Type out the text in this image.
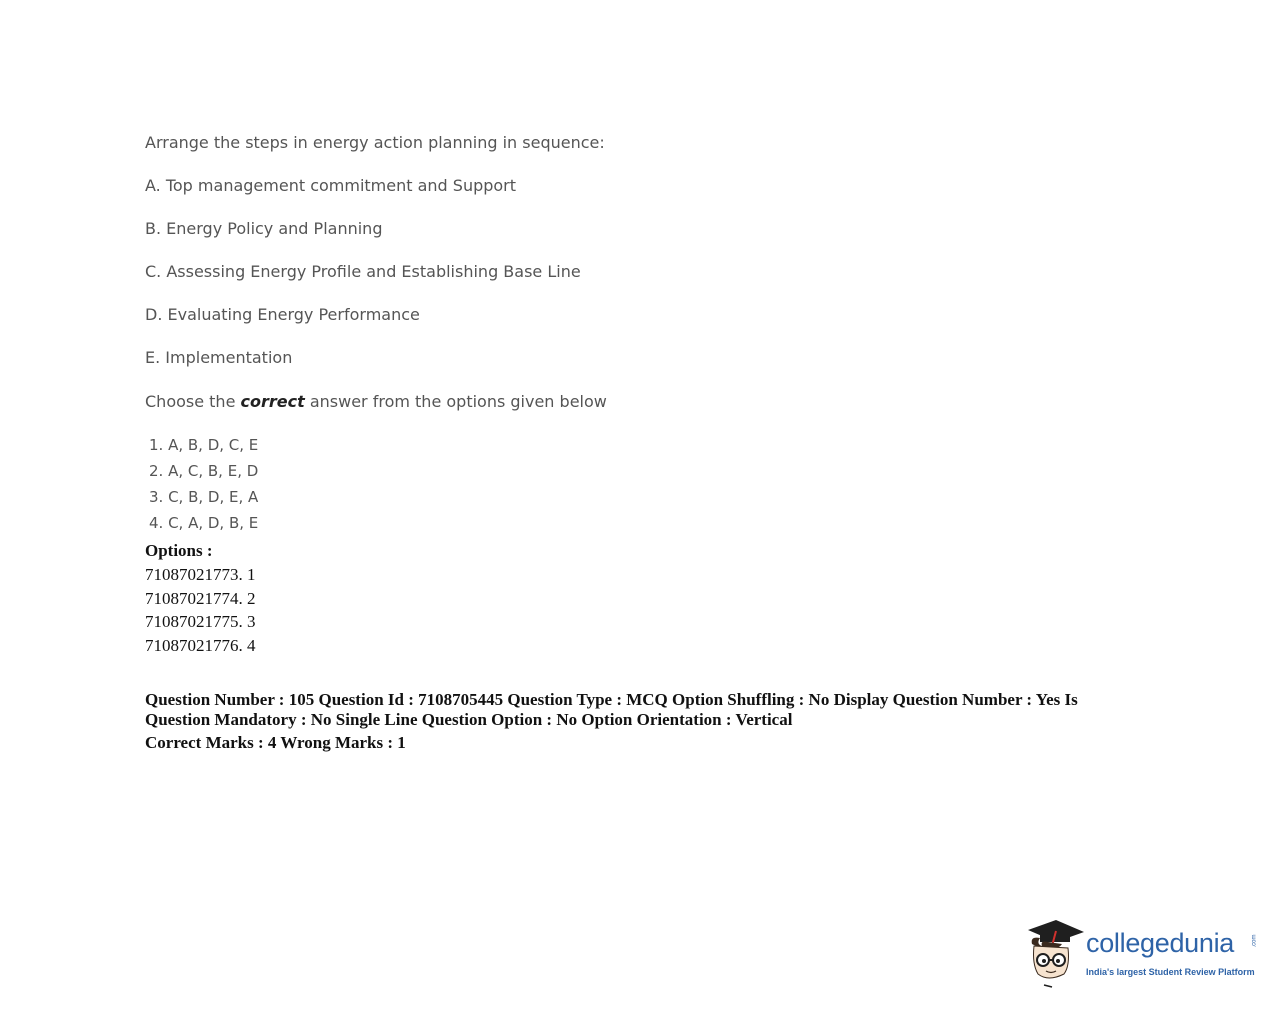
Arrange the steps in energy action planning in sequence:
A. Top management commitment and Support
B. Energy Policy and Planning
C. Assessing Energy Profile and Establishing Base Line
D. Evaluating Energy Performance
E. Implementation
Choose the correct answer from the options given below
1. A, B, D, C, E
2. A, C, B, E, D
3. C, B, D, E, A
4. C, A, D, B, E
Options :
71087021773. 1
71087021774. 2
71087021775. 3
71087021776. 4
Question Number : 105 Question Id : 7108705445 Question Type : MCQ Option Shuffling : No Display Question Number : Yes Is Question Mandatory : No Single Line Question Option : No Option Orientation : Vertical
Correct Marks : 4 Wrong Marks : 1
collegedunia	.com
India's largest Student Review Platform
